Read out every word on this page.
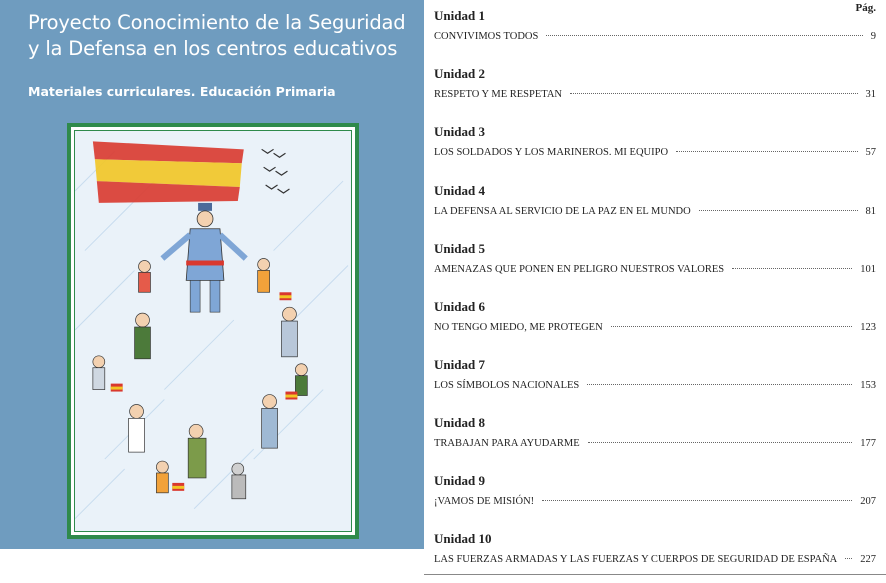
Proyecto Conocimiento de la Seguridad y la Defensa en los centros educativos
Materiales curriculares. Educación Primaria
Pág.
Unidad 1
CONVIVIMOS TODOS	9
Unidad 2
RESPETO Y ME RESPETAN	31
Unidad 3
LOS SOLDADOS Y LOS MARINEROS. MI EQUIPO	57
Unidad 4
LA DEFENSA AL SERVICIO DE LA PAZ EN EL MUNDO	81
Unidad 5
AMENAZAS QUE PONEN EN PELIGRO NUESTROS VALORES	101
Unidad 6
NO TENGO MIEDO, ME PROTEGEN	123
Unidad 7
LOS SÍMBOLOS NACIONALES	153
Unidad 8
TRABAJAN PARA AYUDARME	177
Unidad 9
¡VAMOS DE MISIÓN!	207
Unidad 10
LAS FUERZAS ARMADAS Y LAS FUERZAS Y CUERPOS DE SEGURIDAD DE ESPAÑA 227
